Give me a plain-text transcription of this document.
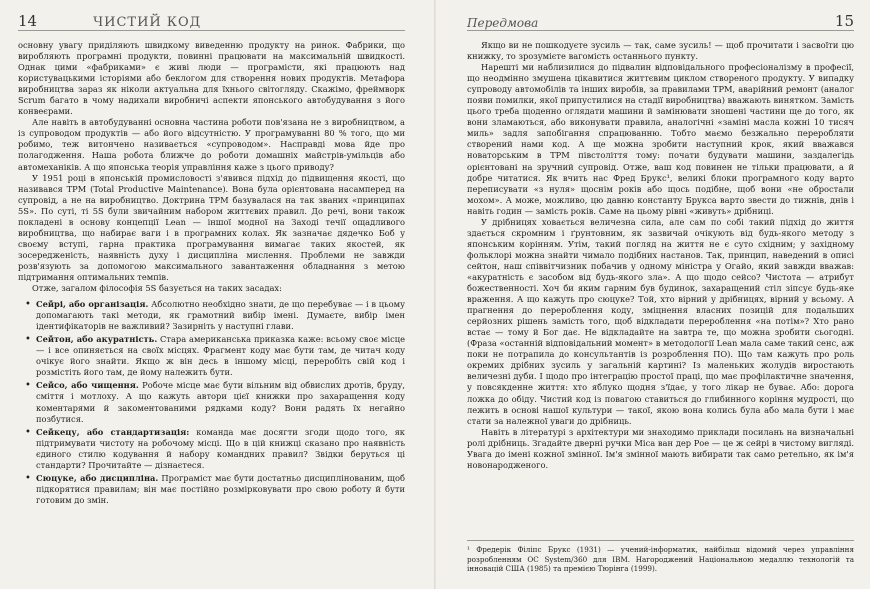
14	ЧИСТИЙ КОД

основну увагу приділяють швидкому виведенню продукту на ринок. Фабрики, що виробляють програмні продукти, повинні працювати на максимальній швидкості. Однак цими «фабриками» є живі люди — програмісти, які працюють над користувацькими історіями або беклогом для створення нових продуктів. Метафора виробництва зараз як ніколи актуальна для їхнього світогляду. Скажімо, фреймворк Scrum багато в чому надихали виробничі аспекти японського автобудування з його конвеєрами.

Але навіть в автобудуванні основна частина роботи пов'язана не з виробництвом, а із супроводом продуктів — або його відсутністю. У програмуванні 80 % того, що ми робимо, теж витончено називається «супроводом». Насправді мова йде про полагодження. Наша робота ближче до роботи домашніх майстрів-умільців або автомеханіків. А що японська теорія управління каже з цього приводу?

У 1951 році в японській промисловості з'явився підхід до підвищення якості, що називався TPM (Total Productive Maintenance). Вона була орієнтована насамперед на супровід, а не на виробництво. Доктрина TPM базувалася на так званих «принципах 5S». По суті, ті 5S були звичайним набором життєвих правил. До речі, вони також покладені в основу концепції Lean — іншої модної на Заході течії ощадливого виробництва, що набирає ваги і в програмних колах. Як зазначає дядечко Боб у своєму вступі, гарна практика програмування вимагає таких якостей, як зосередженість, наявність духу і дисципліна мислення. Проблеми не завжди розв'язують за допомогою максимального завантаження обладнання з метою підтримання оптимальних темпів.

Отже, загалом філософія 5S базується на таких засадах:

• Сейрі, або організація. Абсолютно необхідно знати, де що перебуває — і в цьому допомагають такі методи, як грамотний вибір імені. Думаєте, вибір імен ідентифікаторів не важливий? Зазирніть у наступні глави.
• Сейтон, або акуратність. Стара американська приказка каже: всьому своє місце — і все опиняється на своїх місцях. Фрагмент коду має бути там, де читач коду очікує його знайти. Якщо ж він десь в іншому місці, переробіть свій код і розмістіть його там, де йому належить бути.
• Сейсо, або чищення. Робоче місце має бути вільним від обвислих дротів, бруду, сміття і мотлоху. А що кажуть автори цієї книжки про захаращення коду коментарями й закоментованими рядками коду? Вони радять їх негайно позбутися.
• Сейкецу, або стандартизація: команда має досягти згоди щодо того, як підтримувати чистоту на робочому місці. Що в цій книжці сказано про наявність єдиного стилю кодування й набору командних правил? Звідки беруться ці стандарти? Прочитайте — дізнаєтеся.
• Сюцуке, або дисципліна. Програміст має бути достатньо дисциплінованим, щоб підкорятися правилам; він має постійно розмірковувати про свою роботу й бути готовим до змін.
Передмова	15

Якщо ви не пошкодуєте зусиль — так, саме зусиль! — щоб прочитати і засвоїти цю книжку, то зрозумієте вагомість останнього пункту.

Нарешті ми наблизилися до підвалин відповідального професіоналізму в професії, що неодмінно змушена цікавитися життєвим циклом створеного продукту. У випадку супроводу автомобілів та інших виробів, за правилами TPM, аварійний ремонт (аналог появи помилки, якої припустилися на стадії виробництва) вважають винятком. Замість цього треба щоденно оглядати машини й замінювати зношені частини ще до того, як вони зламаються, або виконувати правила, аналогічні «заміні масла кожні 10 тисяч миль» задля запобігання спрацюванню. Тобто маємо безжально переробляти створений нами код. А ще можна зробити наступний крок, який вважався новаторським в TPM півстоліття тому: почати будувати машини, заздалегідь орієнтовані на зручний супровід. Отже, ваш код повинен не тільки працювати, а й добре читатися. Як вчить нас Фред Брукс¹, великі блоки програмного коду варто переписувати «з нуля» щоснім років або щось подібне, щоб вони «не обростали мохом». А може, можливо, цю давню константу Брукса варто звести до тижнів, днів і навіть годин — замість років. Саме на цьому рівні «живуть» дрібниці.

У дрібницях ховається величезна сила, але сам по собі такий підхід до життя здається скромним і ґрунтовним, як зазвичай очікують від будь-якого методу з японським корінням. Утім, такий погляд на життя не є суто східним; у західному фольклорі можна знайти чимало подібних настанов. Так, принцип, наведений в описі сейтон, наш співвітчизник побачив у одному міністра у Огайо, який завжди вважав: «акуратність є засобом від будь-якого зла». А що щодо сейсо? Чистота — атрибут божественності. Хоч би яким гарним був будинок, захаращений стіл зіпсує будь-яке враження. А що кажуть про сюцуке? Той, хто вірний у дрібницях, вірний у всьому. А прагнення до перероблення коду, зміцнення власних позицій для подальших серйозних рішень замість того, щоб відкладати перероблення «на потім»? Хто рано встає — тому й Бог дає. Не відкладайте на завтра те, що можна зробити сьогодні. (Фраза «останній відповідальний момент» в методології Lean мала саме такий сенс, аж поки не потрапила до консультантів із розроблення ПО). Що там кажуть про роль окремих дрібних зусиль у загальній картині? Із маленьких жолудів виростають величезні дуби. І щодо про інтеграцію простої праці, що має профілактичне значення, у повсякденне життя: хто яблуко щодня з'їдає, у того лікар не буває. Або: дорога ложка до обіду. Чистий код із повагою ставиться до глибинного коріння мудрості, що лежить в основі нашої культури — такої, якою вона колись була або мала бути і має стати за належної уваги до дрібниць.

Навіть в літературі з архітектури ми знаходимо приклади посилань на визначальні ролі дрібниць. Згадайте дверні ручки Міса ван дер Рое — це ж сейрі в чистому вигляді. Увага до імені кожної змінної. Ім'я змінної мають вибирати так само ретельно, як ім'я новонародженого.

¹ Фредерік Філіпс Брукс (1931) — учений-інформатик, найбільш відомий через управління розробленням ОС System/360 для IBM. Нагороджений Національною медаллю технологій та інновацій США (1985) та премією Тюрінга (1999).
